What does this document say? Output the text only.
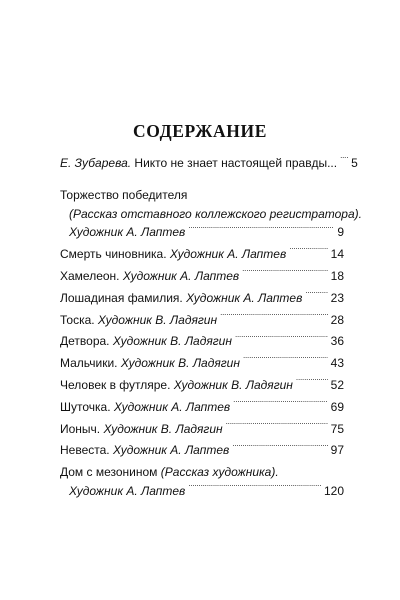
СОДЕРЖАНИЕ
Е. Зубарева. Никто не знает настоящей правды... . . . 5
Торжество победителя
(Рассказ отставного коллежского регистратора).
Художник А. Лаптев . . .	9
Смерть чиновника. Художник А. Лаптев . . .	14
Хамелеон. Художник А. Лаптев . . .	18
Лошадиная фамилия. Художник А. Лаптев . . . 23
Тоска. Художник В. Ладягин . . .	28
Детвора. Художник В. Ладягин . . .	36
Мальчики. Художник В. Ладягин . . .	43
Человек в футляре. Художник В. Ладягин . . .	52
Шуточка. Художник А. Лаптев . . .	69
Ионыч. Художник В. Ладягин . . .	75
Невеста. Художник А. Лаптев . . .	97
Дом с мезонином (Рассказ художника).
Художник А. Лаптев . . .	120
